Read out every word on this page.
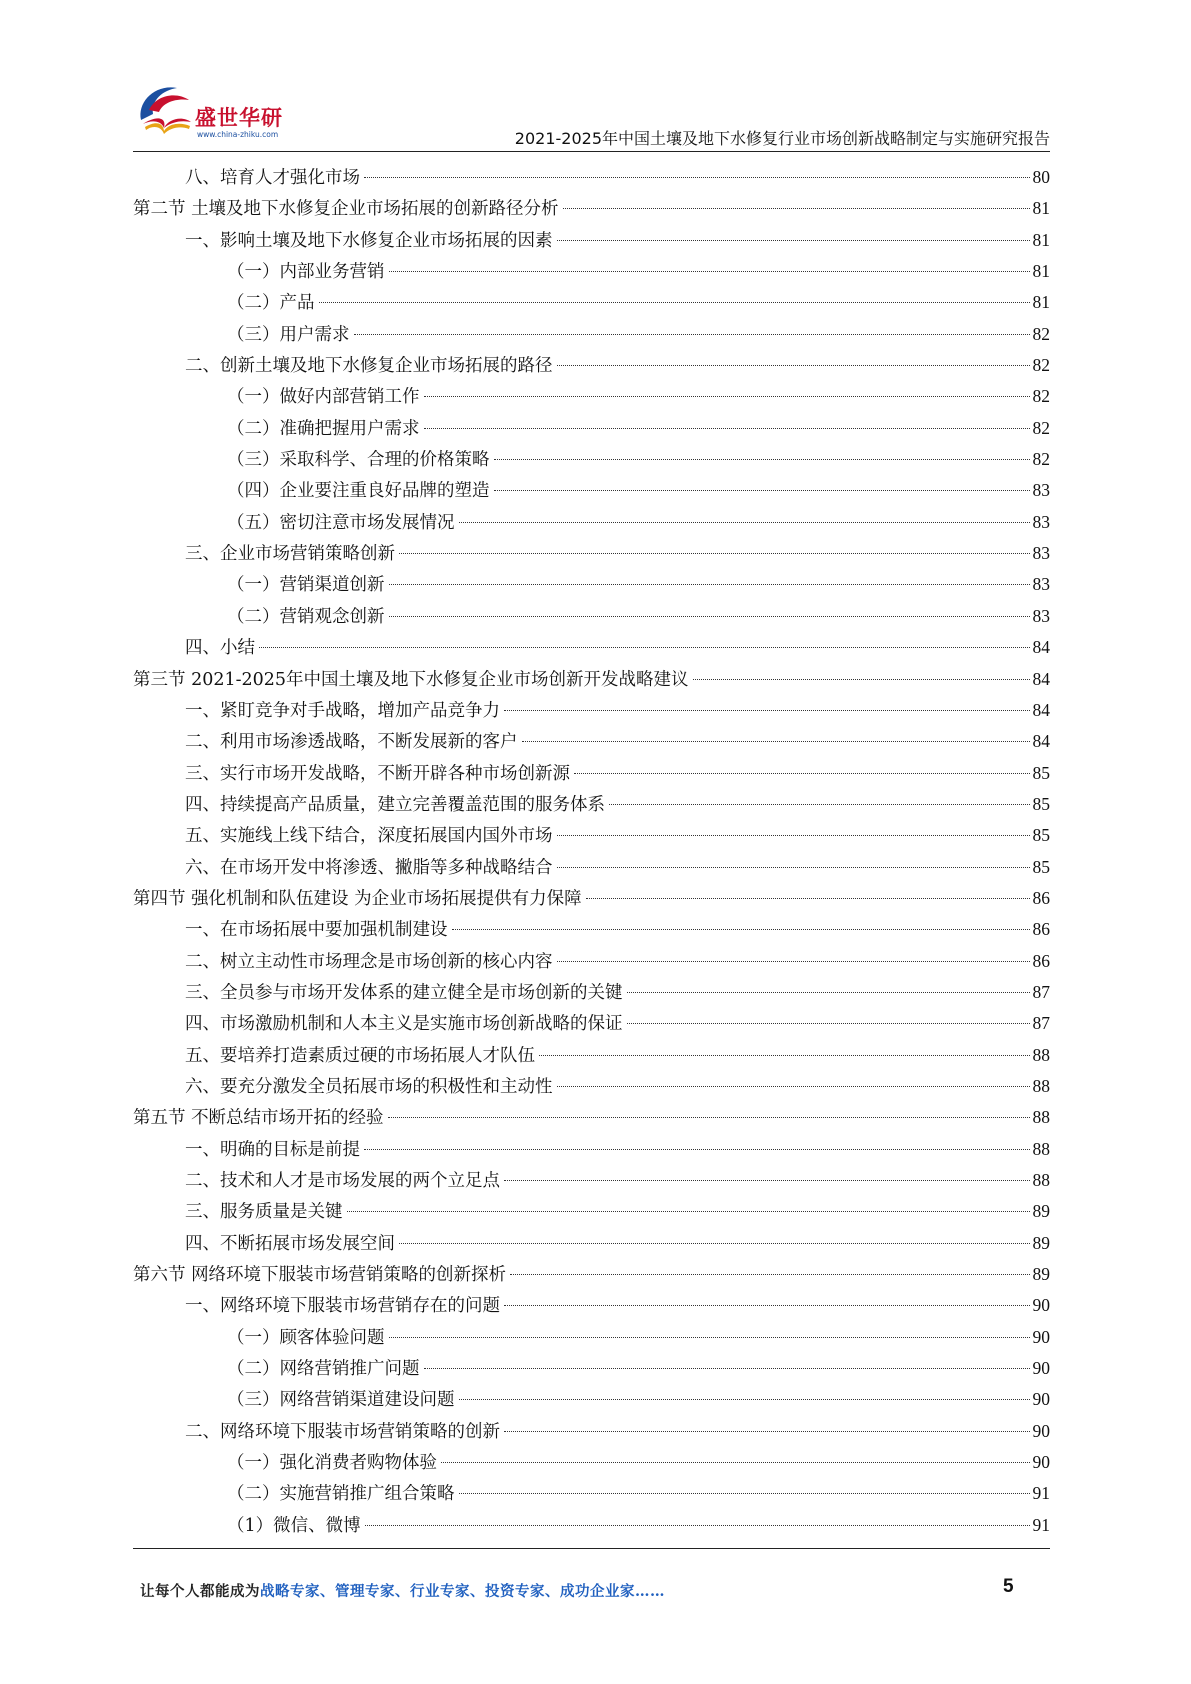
盛世华研
www.china-zhiku.com	2021-2025年中国土壤及地下水修复行业市场创新战略制定与实施研究报告
八、培育人才强化市场	80
第二节 土壤及地下水修复企业市场拓展的创新路径分析	81
一、影响土壤及地下水修复企业市场拓展的因素	81
（一）内部业务营销	81
（二）产品	81
（三）用户需求	82
二、创新土壤及地下水修复企业市场拓展的路径	82
（一）做好内部营销工作	82
（二）准确把握用户需求	82
（三）采取科学、合理的价格策略	82
（四）企业要注重良好品牌的塑造	83
（五）密切注意市场发展情况	83
三、企业市场营销策略创新	83
（一）营销渠道创新	83
（二）营销观念创新	83
四、小结	84
第三节 2021-2025年中国土壤及地下水修复企业市场创新开发战略建议	84
一、紧盯竞争对手战略，增加产品竞争力	84
二、利用市场渗透战略，不断发展新的客户	84
三、实行市场开发战略，不断开辟各种市场创新源	85
四、持续提高产品质量，建立完善覆盖范围的服务体系	85
五、实施线上线下结合，深度拓展国内国外市场	85
六、在市场开发中将渗透、撇脂等多种战略结合	85
第四节 强化机制和队伍建设 为企业市场拓展提供有力保障	86
一、在市场拓展中要加强机制建设	86
二、树立主动性市场理念是市场创新的核心内容	86
三、全员参与市场开发体系的建立健全是市场创新的关键	87
四、市场激励机制和人本主义是实施市场创新战略的保证	87
五、要培养打造素质过硬的市场拓展人才队伍	88
六、要充分激发全员拓展市场的积极性和主动性	88
第五节 不断总结市场开拓的经验	88
一、明确的目标是前提	88
二、技术和人才是市场发展的两个立足点	88
三、服务质量是关键	89
四、不断拓展市场发展空间	89
第六节 网络环境下服装市场营销策略的创新探析	89
一、网络环境下服装市场营销存在的问题	90
（一）顾客体验问题	90
（二）网络营销推广问题	90
（三）网络营销渠道建设问题	90
二、网络环境下服装市场营销策略的创新	90
（一）强化消费者购物体验	90
（二）实施营销推广组合策略	91
（1）微信、微博	91
让每个人都能成为战略专家、管理专家、行业专家、投资专家、成功企业家……	5
